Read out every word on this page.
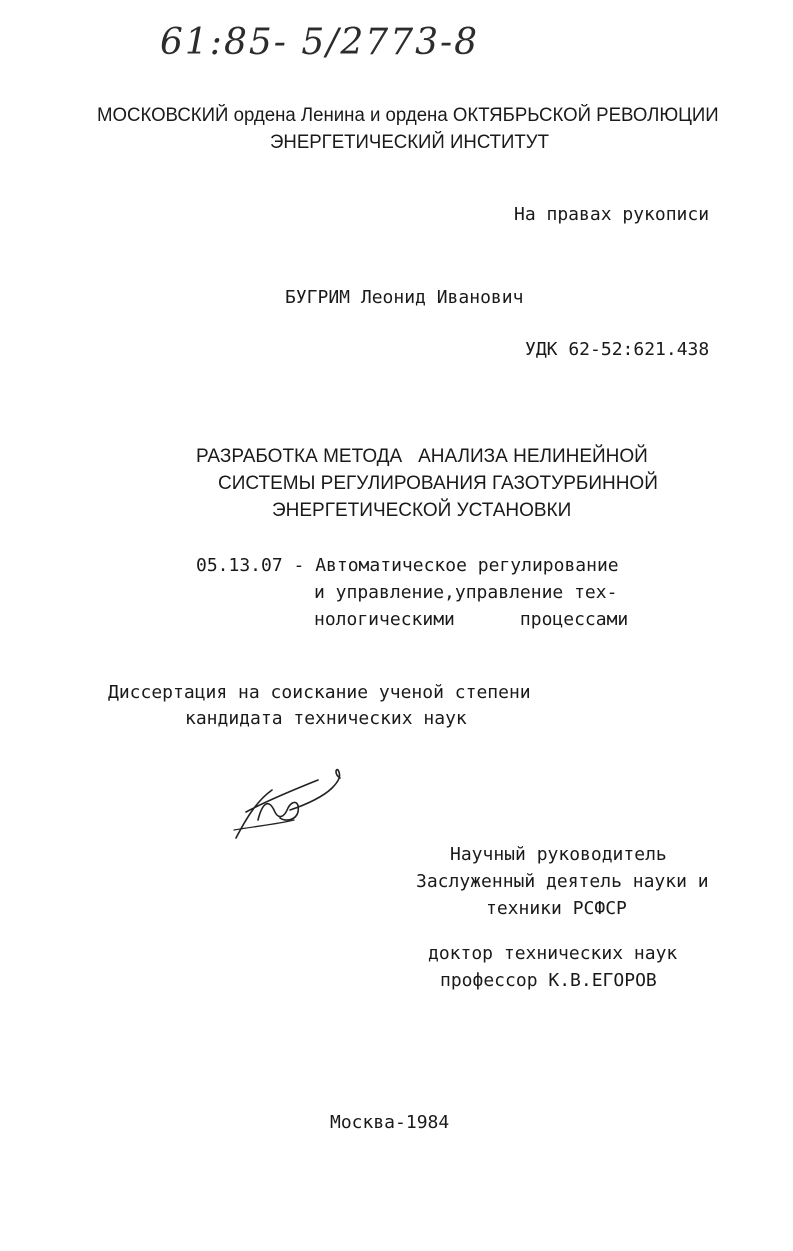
61:85- 5/2773-8
МОСКОВСКИЙ ордена Ленина и ордена ОКТЯБРЬСКОЙ РЕВОЛЮЦИИ
ЭНЕРГЕТИЧЕСКИЙ ИНСТИТУТ
На правах рукописи
БУГРИМ Леонид Иванович
УДК 62-52:621.438
РАЗРАБОТКА МЕТОДА   АНАЛИЗА НЕЛИНЕЙНОЙ
СИСТЕМЫ РЕГУЛИРОВАНИЯ ГАЗОТУРБИННОЙ
ЭНЕРГЕТИЧЕСКОЙ УСТАНОВКИ
05.13.07 - Автоматическое регулирование
и управление,управление тех-
нологическими      процессами
Диссертация на соискание ученой степени
кандидата технических наук
Научный руководитель
Заслуженный деятель науки и
техники РСФСР
доктор технических наук
профессор К.В.ЕГОРОВ
Москва-1984
